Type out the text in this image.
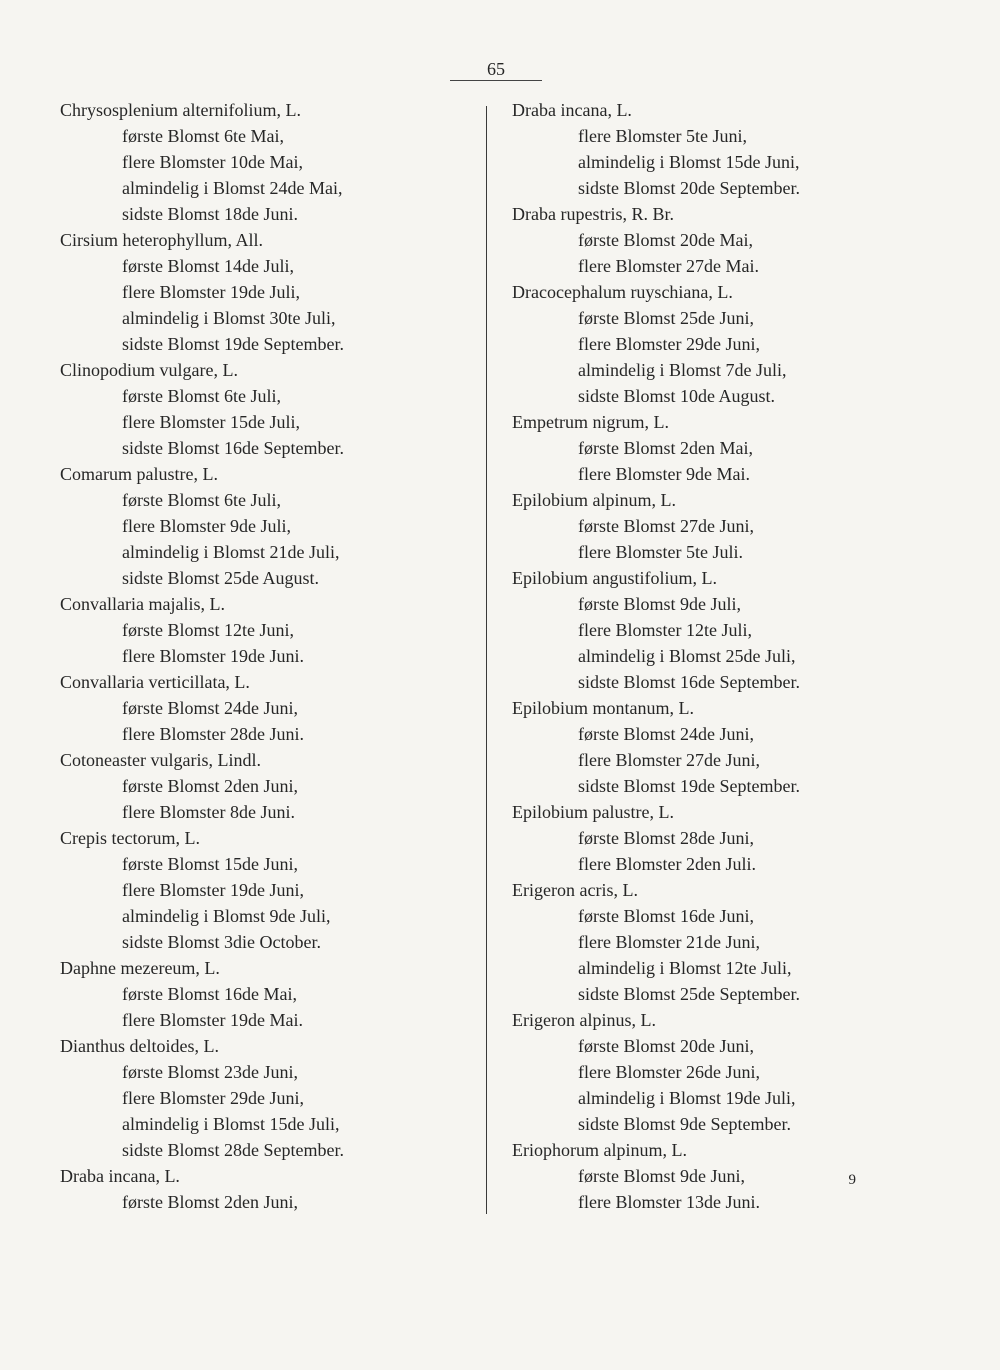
65
Chrysosplenium alternifolium, L.
første Blomst 6te Mai,
flere Blomster 10de Mai,
almindelig i Blomst 24de Mai,
sidste Blomst 18de Juni.
Cirsium heterophyllum, All.
første Blomst 14de Juli,
flere Blomster 19de Juli,
almindelig i Blomst 30te Juli,
sidste Blomst 19de September.
Clinopodium vulgare, L.
første Blomst 6te Juli,
flere Blomster 15de Juli,
sidste Blomst 16de September.
Comarum palustre, L.
første Blomst 6te Juli,
flere Blomster 9de Juli,
almindelig i Blomst 21de Juli,
sidste Blomst 25de August.
Convallaria majalis, L.
første Blomst 12te Juni,
flere Blomster 19de Juni.
Convallaria verticillata, L.
første Blomst 24de Juni,
flere Blomster 28de Juni.
Cotoneaster vulgaris, Lindl.
første Blomst 2den Juni,
flere Blomster 8de Juni.
Crepis tectorum, L.
første Blomst 15de Juni,
flere Blomster 19de Juni,
almindelig i Blomst 9de Juli,
sidste Blomst 3die October.
Daphne mezereum, L.
første Blomst 16de Mai,
flere Blomster 19de Mai.
Dianthus deltoides, L.
første Blomst 23de Juni,
flere Blomster 29de Juni,
almindelig i Blomst 15de Juli,
sidste Blomst 28de September.
Draba incana, L.
første Blomst 2den Juni,
Draba incana, L.
flere Blomster 5te Juni,
almindelig i Blomst 15de Juni,
sidste Blomst 20de September.
Draba rupestris, R. Br.
første Blomst 20de Mai,
flere Blomster 27de Mai.
Dracocephalum ruyschiana, L.
første Blomst 25de Juni,
flere Blomster 29de Juni,
almindelig i Blomst 7de Juli,
sidste Blomst 10de August.
Empetrum nigrum, L.
første Blomst 2den Mai,
flere Blomster 9de Mai.
Epilobium alpinum, L.
første Blomst 27de Juni,
flere Blomster 5te Juli.
Epilobium angustifolium, L.
første Blomst 9de Juli,
flere Blomster 12te Juli,
almindelig i Blomst 25de Juli,
sidste Blomst 16de September.
Epilobium montanum, L.
første Blomst 24de Juni,
flere Blomster 27de Juni,
sidste Blomst 19de September.
Epilobium palustre, L.
første Blomst 28de Juni,
flere Blomster 2den Juli.
Erigeron acris, L.
første Blomst 16de Juni,
flere Blomster 21de Juni,
almindelig i Blomst 12te Juli,
sidste Blomst 25de September.
Erigeron alpinus, L.
første Blomst 20de Juni,
flere Blomster 26de Juni,
almindelig i Blomst 19de Juli,
sidste Blomst 9de September.
Eriophorum alpinum, L.
første Blomst 9de Juni,
flere Blomster 13de Juni.
9
